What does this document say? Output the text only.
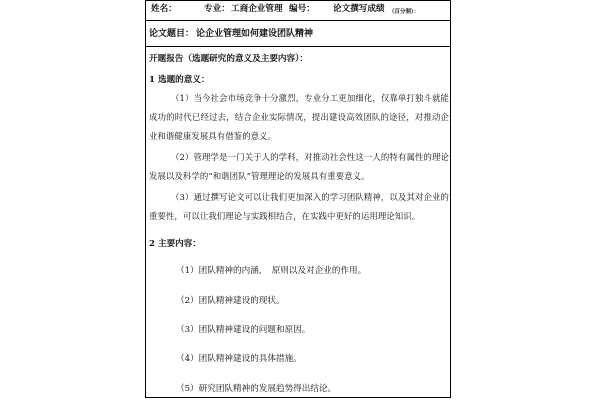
姓名：	专业： 工商企业管理 编号： 论文撰写成绩 （百分制）：
论文题目： 论企业管理如何建设团队精神
开题报告（选题研究的意义及主要内容）：
1 选题的意义：
（1）当今社会市场竞争十分激烈，专业分工更加细化，仅靠单打独斗就能成功的时代已经过去，结合企业实际情况，提出建设高效团队的途径，对推动企业和谐健康发展具有借鉴的意义。
（2）管理学是一门关于人的学科，对推动社会性这一人的特有属性的理论发展以及科学的“和谐团队”管理理论的发展具有重要意义。
（3）通过撰写论文可以让我们更加深入的学习团队精神，以及其对企业的重要性，可以让我们理论与实践相结合，在实践中更好的运用理论知识。
2 主要内容：
（1）团队精神的内涵，　原则以及对企业的作用。
（2）团队精神建设的现状。
（3）团队精神建设的问题和原因。
（4）团队精神建设的具体措施。
（5）研究团队精神的发展趋势得出结论。
